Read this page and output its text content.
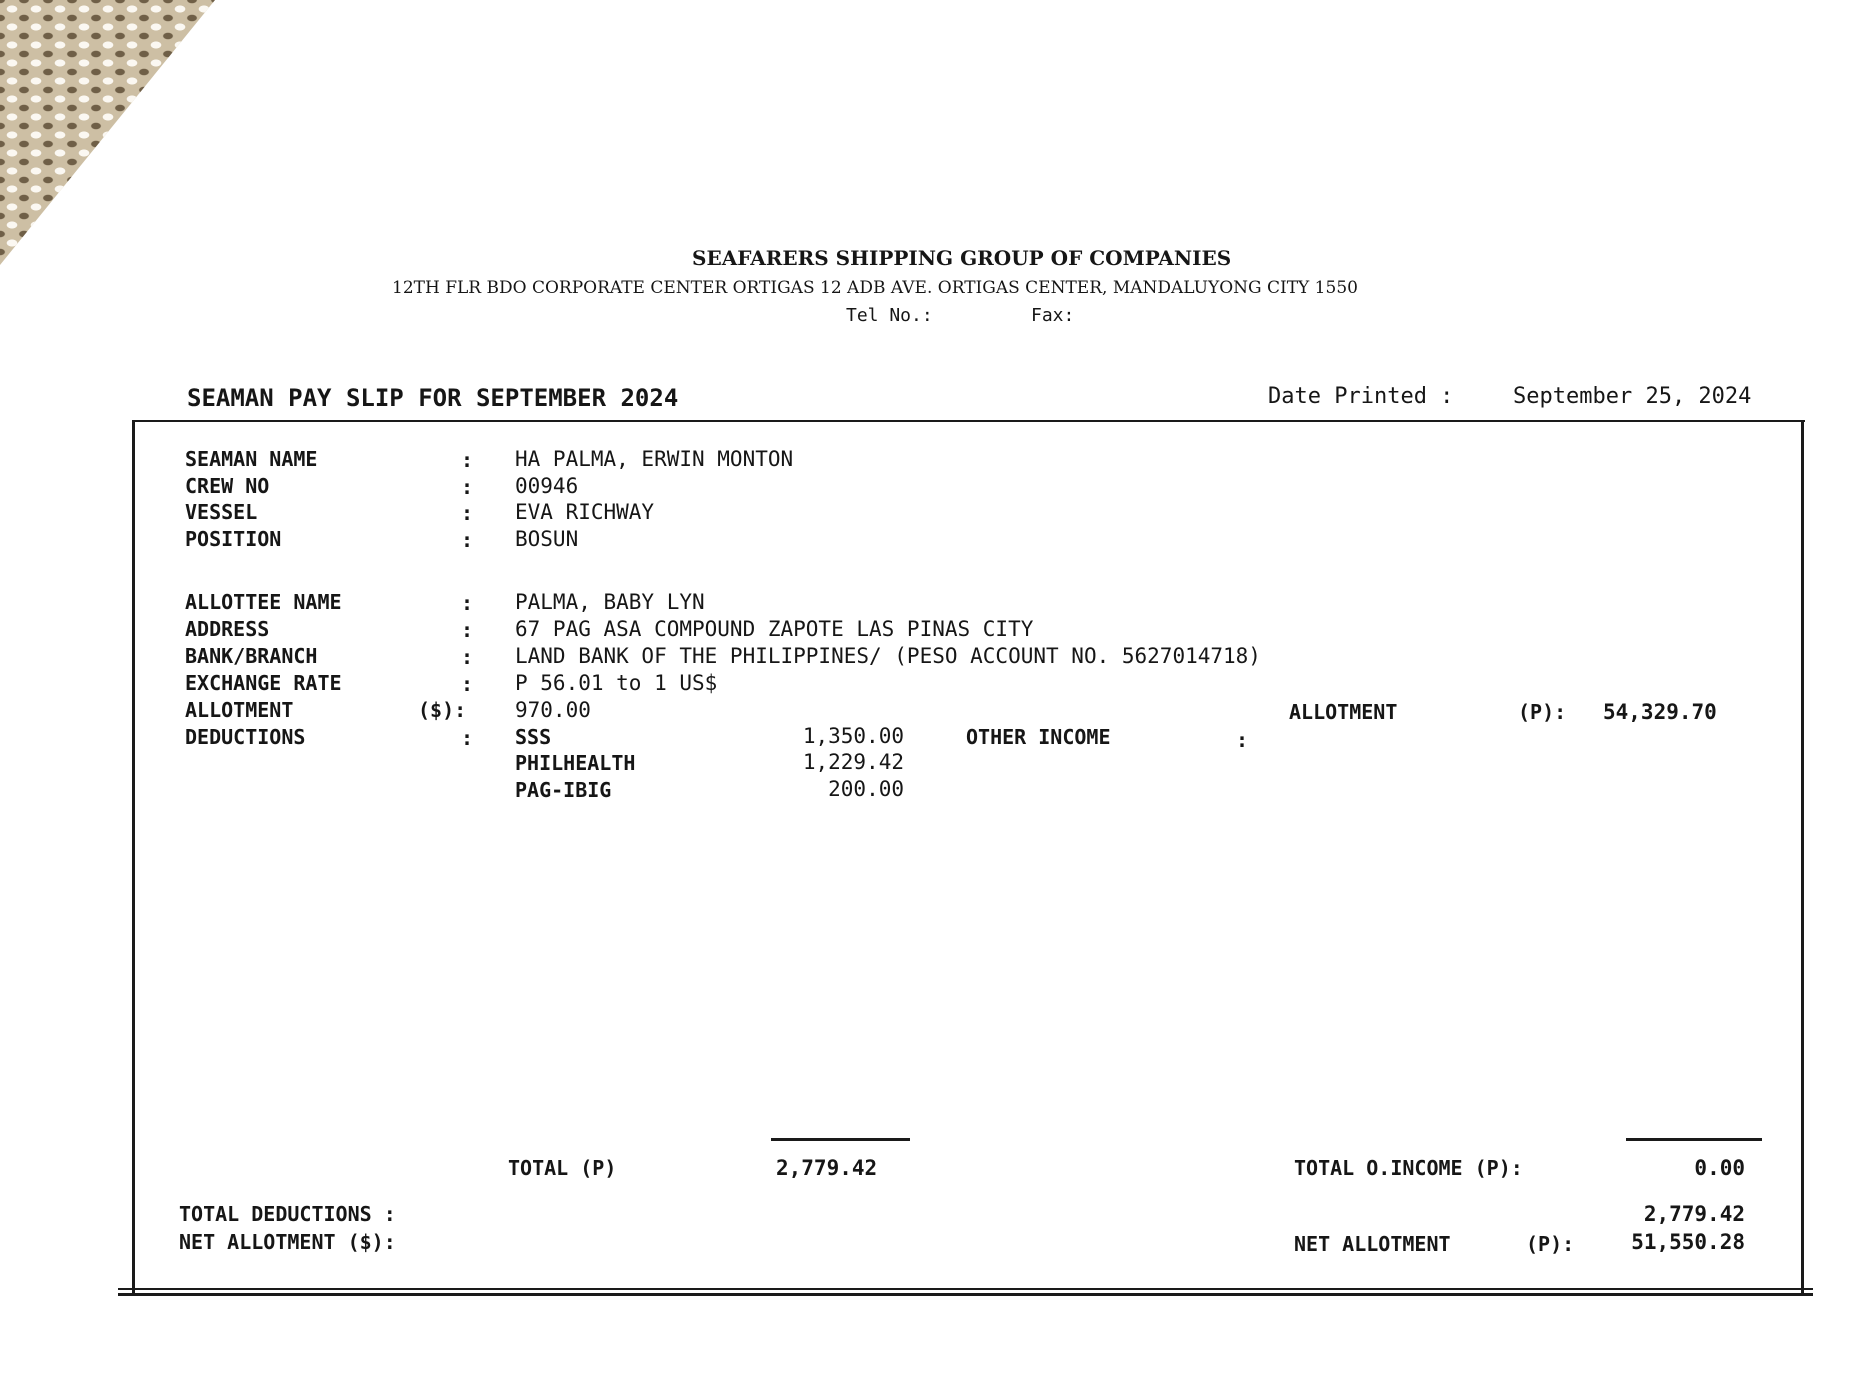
SEAFARERS SHIPPING GROUP OF COMPANIES
12TH FLR BDO CORPORATE CENTER ORTIGAS 12 ADB AVE. ORTIGAS CENTER, MANDALUYONG CITY 1550
Tel No.:	Fax:
SEAMAN PAY SLIP FOR SEPTEMBER 2024	Date Printed :	September 25, 2024
SEAMAN NAME	: HA PALMA, ERWIN MONTON
CREW NO	: 00946
VESSEL	: EVA RICHWAY
POSITION	: BOSUN
ALLOTTEE NAME	: PALMA, BABY LYN
ADDRESS	: 67 PAG ASA COMPOUND ZAPOTE LAS PINAS CITY
BANK/BRANCH	: LAND BANK OF THE PHILIPPINES/ (PESO ACCOUNT NO. 5627014718)
EXCHANGE RATE	: P 56.01 to 1 US$
ALLOTMENT	($): 970.00	ALLOTMENT	(P): 54,329.70
DEDUCTIONS	: SSS	1,350.00
PHILHEALTH	1,229.42
PAG-IBIG	200.00
OTHER INCOME	:
TOTAL (P)	2,779.42	TOTAL O.INCOME (P):	0.00
TOTAL DEDUCTIONS :	2,779.42
NET ALLOTMENT ($):	NET ALLOTMENT	(P):	51,550.28
